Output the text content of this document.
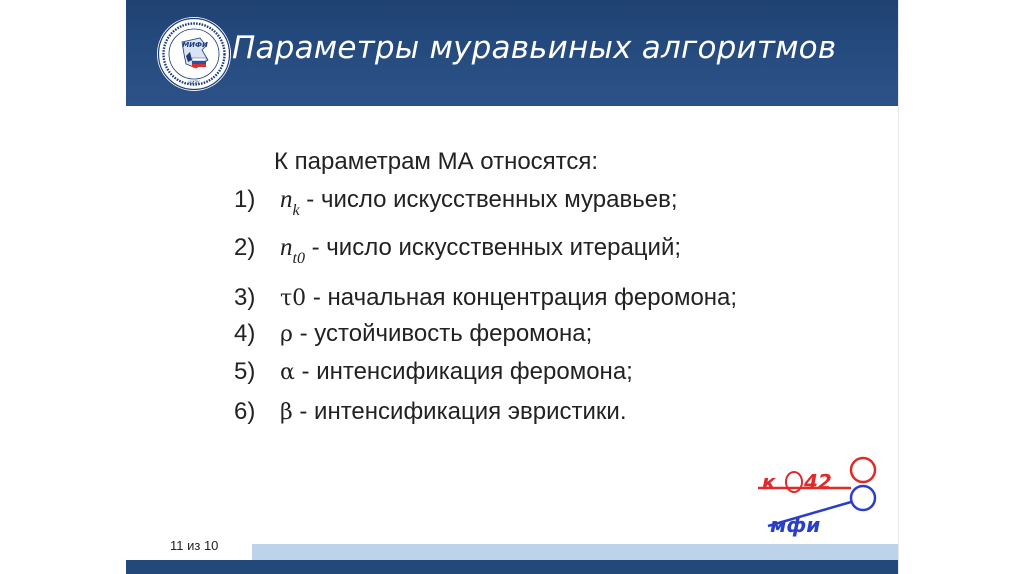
МИФИ
НИЯУ
Параметры муравьиных алгоритмов
К параметрам МА относятся:
1) $n_k$ - число искусственных муравьев;
2) $n_{t0}$ - число искусственных итераций;
3) τ0 - начальная концентрация феромона;
4) ρ - устойчивость феромона;
5) α - интенсификация феромона;
6) β - интенсификация эвристики.
к 42
мфи
11 из 10
